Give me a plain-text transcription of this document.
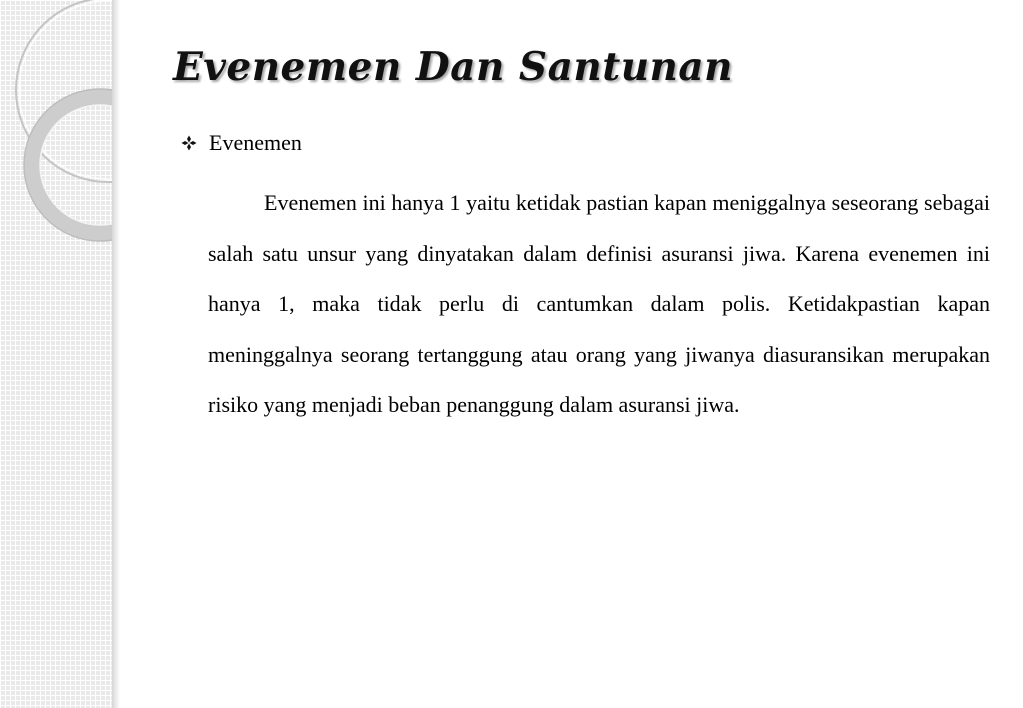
Evenemen Dan Santunan
Evenemen

Evenemen ini hanya 1 yaitu ketidak pastian kapan meniggalnya seseorang sebagai salah satu unsur yang dinyatakan dalam definisi asuransi jiwa. Karena evenemen ini hanya 1, maka tidak perlu di cantumkan dalam polis. Ketidakpastian kapan meninggalnya seorang tertanggung atau orang yang jiwanya diasuransikan merupakan risiko yang menjadi beban penanggung dalam asuransi jiwa.
